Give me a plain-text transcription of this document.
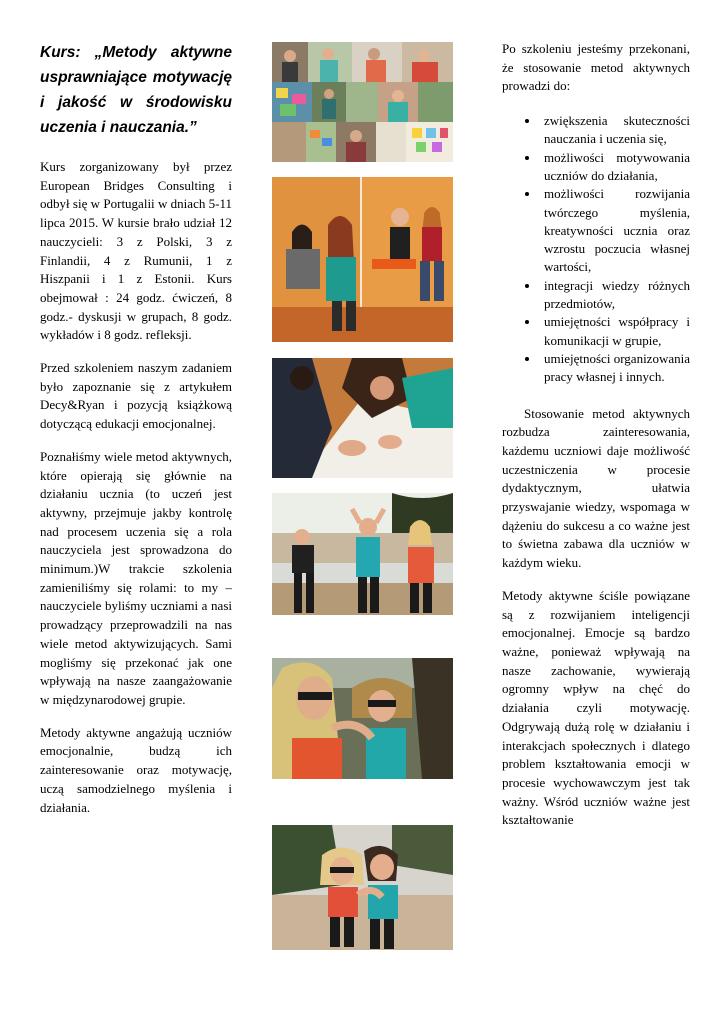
Kurs: „Metody aktywne usprawniające motywację i jakość w środowisku uczenia i nauczania.”

Kurs zorganizowany był przez European Bridges Consulting i odbył się w Portugalii w dniach 5-11 lipca 2015. W kursie brało udział 12 nauczycieli: 3 z Polski, 3 z Finlandii, 4 z Rumunii, 1 z Hiszpanii i 1 z Estonii. Kurs obejmował : 24 godz. ćwiczeń, 8 godz.- dyskusji w grupach, 8 godz. wykładów i 8 godz. refleksji.

Przed szkoleniem naszym zadaniem było zapoznanie się z artykułem Decy&Ryan i pozycją książkową dotyczącą edukacji emocjonalnej.

Poznałiśmy wiele metod aktywnych, które opierają się głównie na działaniu ucznia (to uczeń jest aktywny, przejmuje jakby kontrolę nad procesem uczenia się a rola nauczyciela jest sprowadzona do minimum.)W trakcie szkolenia zamieniliśmy się rolami: to my – nauczyciele byliśmy uczniami a nasi prowadzący przeprowadzili na nas wiele metod aktywizujących. Sami mogliśmy się przekonać jak one wpływają na nasze zaangażowanie w międzynarodowej grupie.

Metody aktywne angażują uczniów emocjonalnie, budzą ich zainteresowanie oraz motywację, uczą samodzielnego myślenia i działania.

Po szkoleniu jesteśmy przekonani, że stosowanie metod aktywnych prowadzi do:

• zwiększenia skuteczności nauczania i uczenia się,
• możliwości motywowania uczniów do działania,
• możliwości rozwijania twórczego myślenia, kreatywności ucznia oraz wzrostu poczucia własnej wartości,
• integracji wiedzy różnych przedmiotów,
• umiejętności współpracy i komunikacji w grupie,
• umiejętności organizowania pracy własnej i innych.

Stosowanie metod aktywnych rozbudza zainteresowania, każdemu uczniowi daje możliwość uczestniczenia w procesie dydaktycznym, ułatwia przyswajanie wiedzy, wspomaga w dążeniu do sukcesu a co ważne jest to świetna zabawa dla uczniów w każdym wieku.

Metody aktywne ściśle powiązane są z rozwijaniem inteligencji emocjonalnej. Emocje są bardzo ważne, ponieważ wpływają na nasze zachowanie, wywierają ogromny wpływ na chęć do działania czyli motywację. Odgrywają dużą rolę w działaniu i interakcjach społecznych i dlatego problem kształtowania emocji w procesie wychowawczym jest tak ważny. Wśród uczniów ważne jest kształtowanie
